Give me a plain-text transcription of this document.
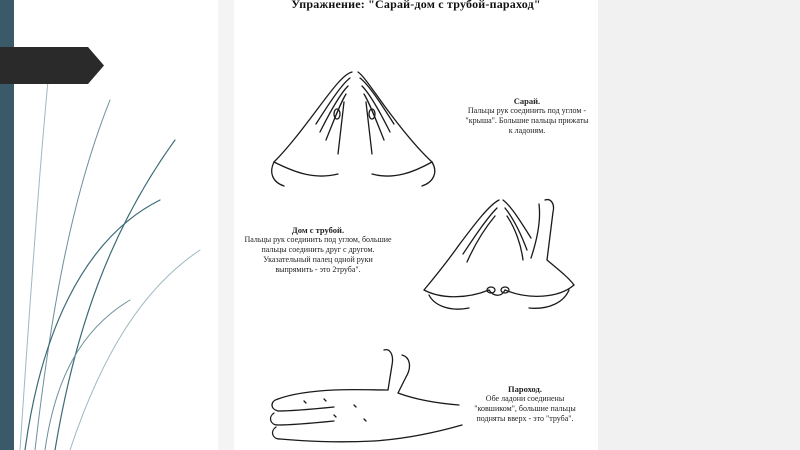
Упражнение: "Сарай-дом с трубой-параход"
Сарай.
Пальцы рук соединить под углом -
"крыша". Большие пальцы прижаты
к ладоням.
Дом с трубой.
Пальцы рук соединить под углом, большие
пальцы соединить друг с другом.
Указательный палец одной руки
выпрямить - это 2труба".
Пароход.
Обе ладони соединены
"ковшиком", большие пальцы
подняты вверх - это "труба".
